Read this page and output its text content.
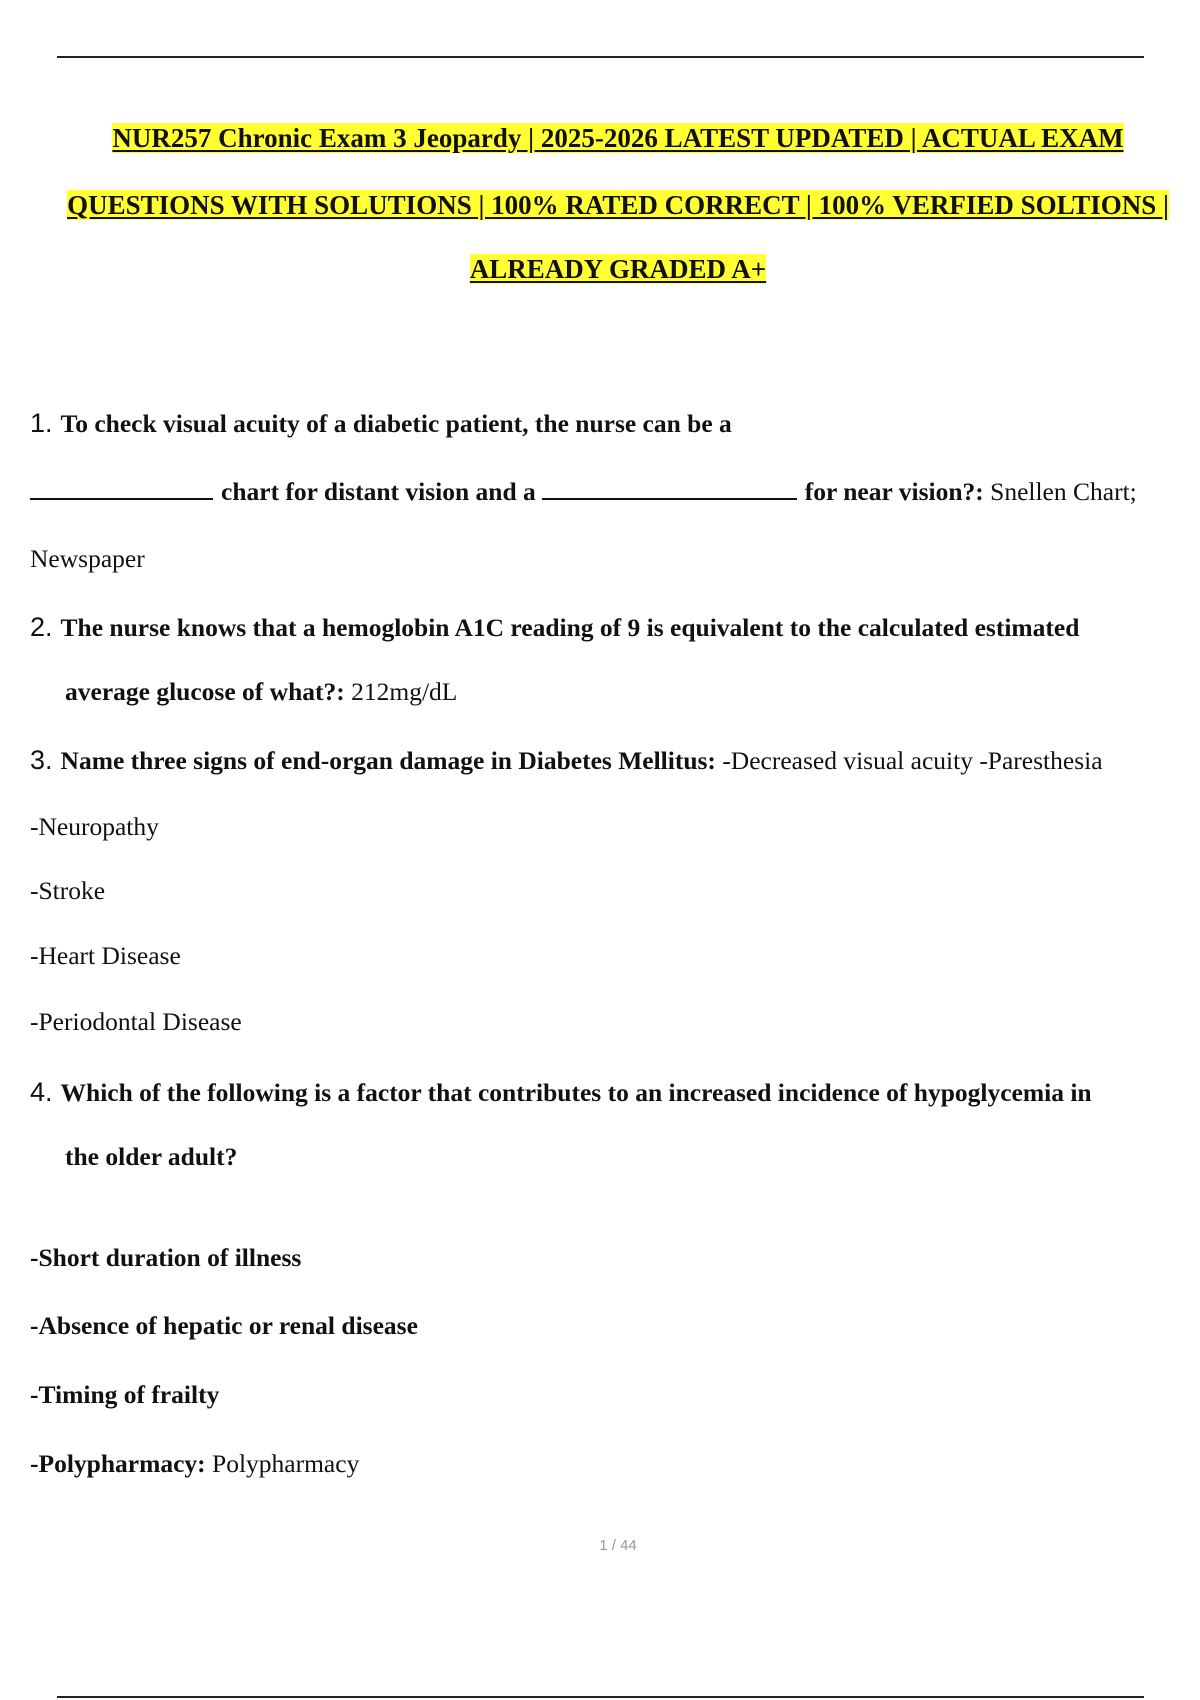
NUR257 Chronic Exam 3 Jeopardy | 2025-2026 LATEST UPDATED | ACTUAL EXAM
QUESTIONS WITH SOLUTIONS | 100% RATED CORRECT | 100% VERFIED SOLTIONS |
ALREADY GRADED A+
1. To check visual acuity of a diabetic patient, the nurse can be a
chart for distant vision and a	for near vision?: Snellen Chart;
Newspaper
2. The nurse knows that a hemoglobin A1C reading of 9 is equivalent to the calculated estimated
average glucose of what?: 212mg/dL
3. Name three signs of end-organ damage in Diabetes Mellitus: -Decreased visual acuity -Paresthesia
-Neuropathy
-Stroke
-Heart Disease
-Periodontal Disease
4. Which of the following is a factor that contributes to an increased incidence of hypoglycemia in
the older adult?
-Short duration of illness
-Absence of hepatic or renal disease
-Timing of frailty
-Polypharmacy: Polypharmacy
1 / 44
